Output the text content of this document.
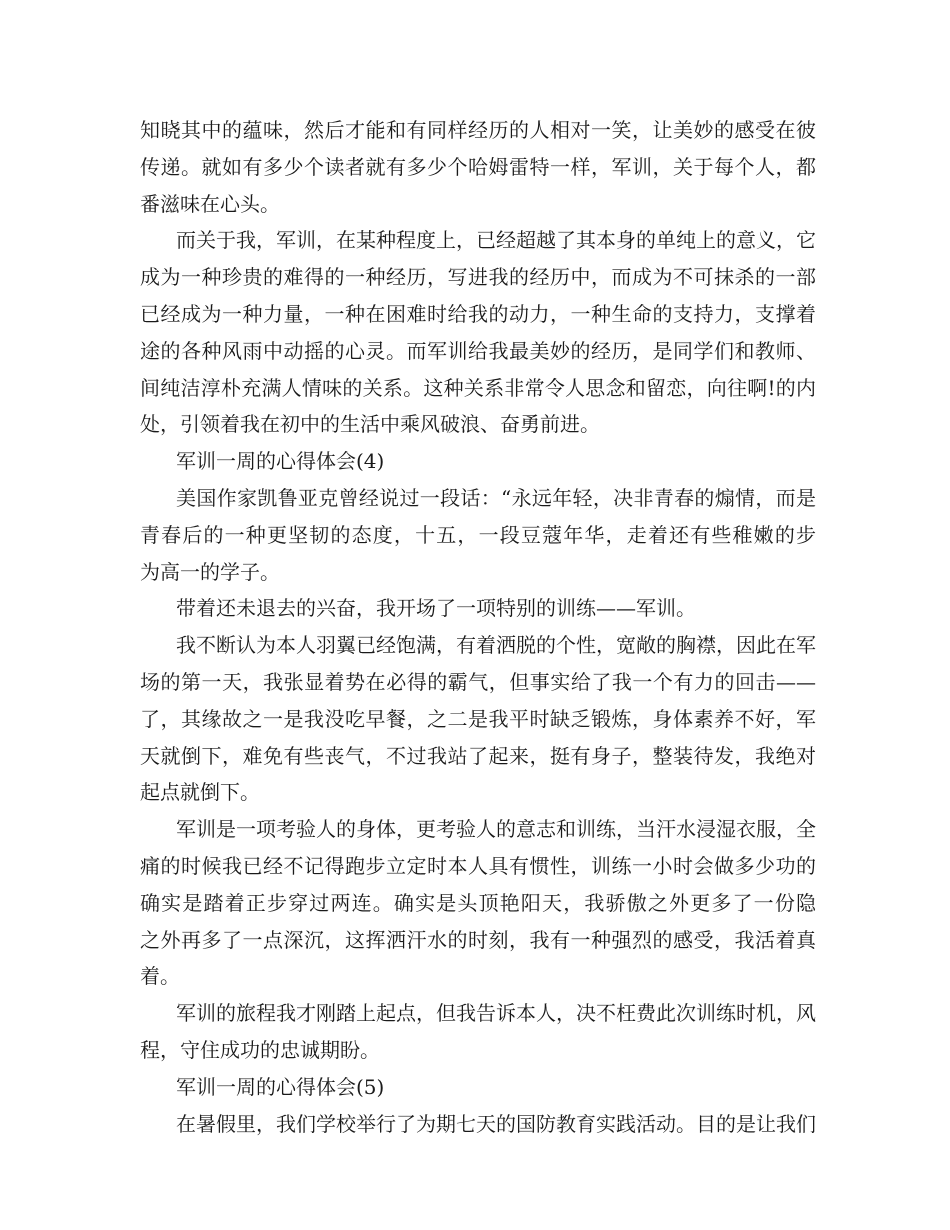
知晓其中的蕴味，然后才能和有同样经历的人相对一笑，让美妙的感受在彼
传递。就如有多少个读者就有多少个哈姆雷特一样，军训，关于每个人，都
番滋味在心头。
而关于我，军训，在某种程度上，已经超越了其本身的单纯上的意义，它
成为一种珍贵的难得的一种经历，写进我的经历中，而成为不可抹杀的一部
已经成为一种力量，一种在困难时给我的动力，一种生命的支持力，支撑着
途的各种风雨中动摇的心灵。而军训给我最美妙的经历，是同学们和教师、
间纯洁淳朴充满人情味的关系。这种关系非常令人思念和留恋，向往啊!的内
处，引领着我在初中的生活中乘风破浪、奋勇前进。
军训一周的心得体会(4)
美国作家凯鲁亚克曾经说过一段话：“永远年轻，决非青春的煽情，而是
青春后的一种更坚韧的态度，十五，一段豆蔻年华，走着还有些稚嫩的步
为高一的学子。
带着还未退去的兴奋，我开场了一项特别的训练——军训。
我不断认为本人羽翼已经饱满，有着洒脱的个性，宽敞的胸襟，因此在军
场的第一天，我张显着势在必得的霸气，但事实给了我一个有力的回击——
了，其缘故之一是我没吃早餐，之二是我平时缺乏锻炼，身体素养不好，军
天就倒下，难免有些丧气，不过我站了起来，挺有身子，整装待发，我绝对
起点就倒下。
军训是一项考验人的身体，更考验人的意志和训练，当汗水浸湿衣服，全
痛的时候我已经不记得跑步立定时本人具有惯性，训练一小时会做多少功的
确实是踏着正步穿过两连。确实是头顶艳阳天，我骄傲之外更多了一份隐
之外再多了一点深沉，这挥洒汗水的时刻，我有一种强烈的感受，我活着真
着。
军训的旅程我才刚踏上起点，但我告诉本人，决不枉费此次训练时机，风
程，守住成功的忠诚期盼。
军训一周的心得体会(5)
在暑假里，我们学校举行了为期七天的国防教育实践活动。目的是让我们
